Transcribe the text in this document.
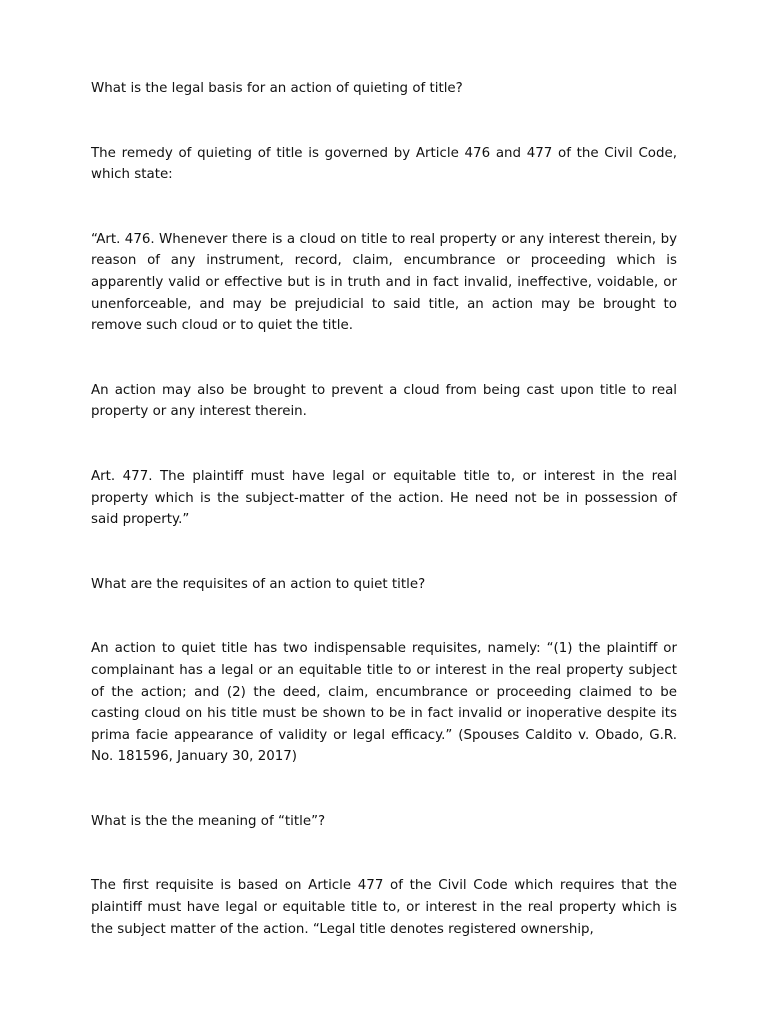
What is the legal basis for an action of quieting of title?

The remedy of quieting of title is governed by Article 476 and 477 of the Civil Code, which state:

“Art. 476. Whenever there is a cloud on title to real property or any interest therein, by reason of any instrument, record, claim, encumbrance or proceeding which is apparently valid or effective but is in truth and in fact invalid, ineffective, voidable, or unenforceable, and may be prejudicial to said title, an action may be brought to remove such cloud or to quiet the title.

An action may also be brought to prevent a cloud from being cast upon title to real property or any interest therein.

Art. 477. The plaintiff must have legal or equitable title to, or interest in the real property which is the subject-matter of the action. He need not be in possession of said property.”

What are the requisites of an action to quiet title?

An action to quiet title has two indispensable requisites, namely: “(1) the plaintiff or complainant has a legal or an equitable title to or interest in the real property subject of the action; and (2) the deed, claim, encumbrance or proceeding claimed to be casting cloud on his title must be shown to be in fact invalid or inoperative despite its prima facie appearance of validity or legal efficacy.” (Spouses Caldito v. Obado, G.R. No. 181596, January 30, 2017)

What is the the meaning of “title”?

The first requisite is based on Article 477 of the Civil Code which requires that the plaintiff must have legal or equitable title to, or interest in the real property which is the subject matter of the action. “Legal title denotes registered ownership,
